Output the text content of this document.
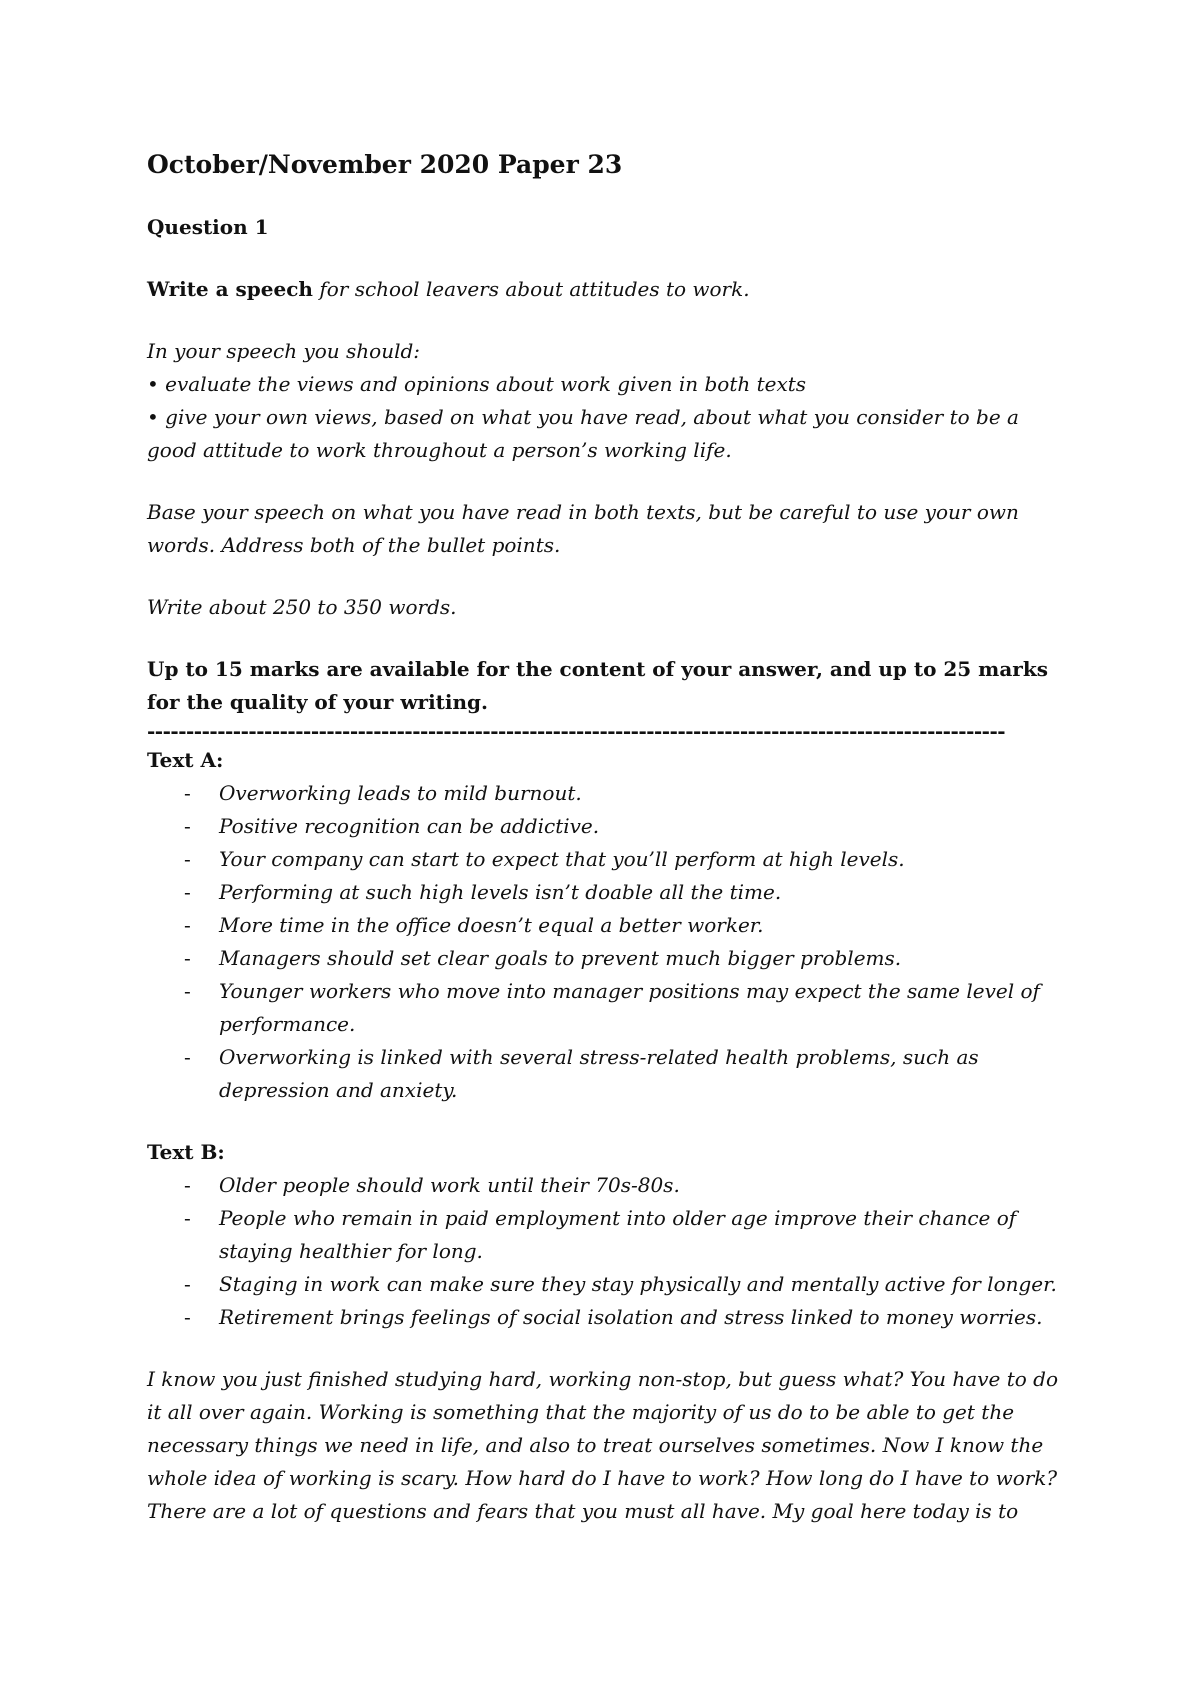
October/November 2020 Paper 23
Question 1

Write a speech for school leavers about attitudes to work.

In your speech you should:

• evaluate the views and opinions about work given in both texts
• give your own views, based on what you have read, about what you consider to be a good attitude to work throughout a person’s working life.

Base your speech on what you have read in both texts, but be careful to use your own words. Address both of the bullet points.

Write about 250 to 350 words.

Up to 15 marks are available for the content of your answer, and up to 25 marks for the quality of your writing.

--------------------------------------------------------------------------------------------------------------
Text A:
- Overworking leads to mild burnout.
- Positive recognition can be addictive.
- Your company can start to expect that you’ll perform at high levels.
- Performing at such high levels isn’t doable all the time.
- More time in the office doesn’t equal a better worker.
- Managers should set clear goals to prevent much bigger problems.
- Younger workers who move into manager positions may expect the same level of performance.
- Overworking is linked with several stress-related health problems, such as depression and anxiety.
Text B:
- Older people should work until their 70s-80s.
- People who remain in paid employment into older age improve their chance of staying healthier for long.
- Staging in work can make sure they stay physically and mentally active for longer.
- Retirement brings feelings of social isolation and stress linked to money worries.

I know you just finished studying hard, working non-stop, but guess what? You have to do it all over again. Working is something that the majority of us do to be able to get the necessary things we need in life, and also to treat ourselves sometimes. Now I know the whole idea of working is scary. How hard do I have to work? How long do I have to work? There are a lot of questions and fears that you must all have. My goal here today is to
